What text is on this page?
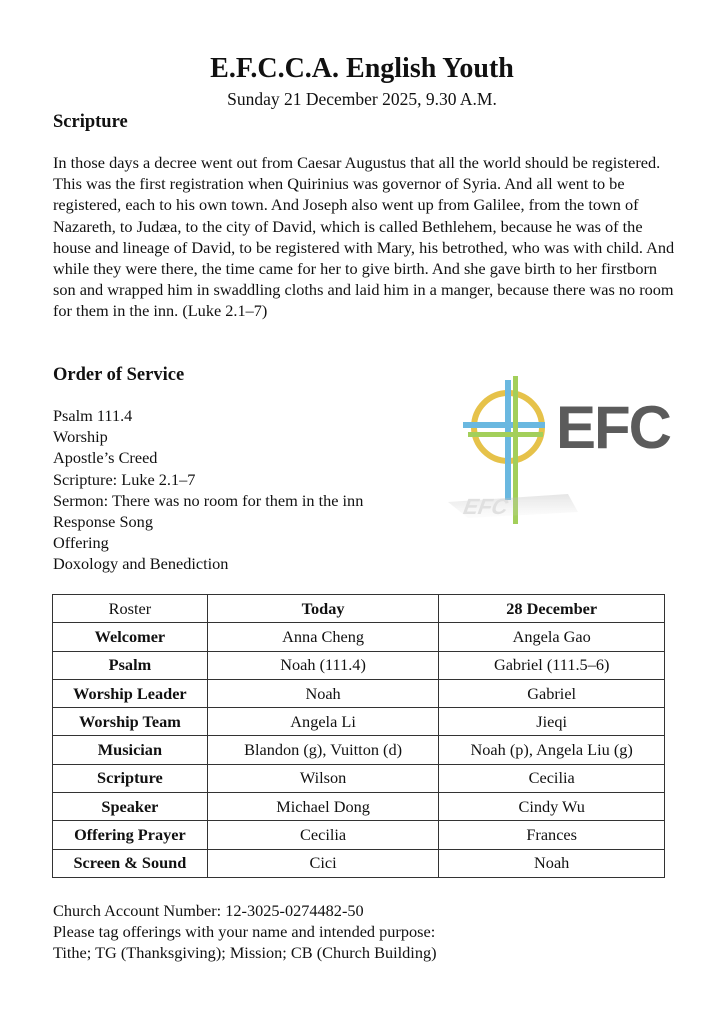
E.F.C.C.A. English Youth
Sunday 21 December 2025, 9.30 A.M.
Scripture

In those days a decree went out from Caesar Augustus that all the world should be registered. This was the first registration when Quirinius was governor of Syria. And all went to be registered, each to his own town. And Joseph also went up from Galilee, from the town of Nazareth, to Judæa, to the city of David, which is called Bethlehem, because he was of the house and lineage of David, to be registered with Mary, his betrothed, who was with child. And while they were there, the time came for her to give birth. And she gave birth to her firstborn son and wrapped him in swaddling cloths and laid him in a manger, because there was no room for them in the inn. (Luke 2.1–7)

Order of Service
Psalm 111.4
Worship
Apostle’s Creed
Scripture: Luke 2.1–7
Sermon: There was no room for them in the inn
Response Song
Offering
Doxology and Benediction
EFC
EFC
Roster	Today	28 December
Welcomer	Anna Cheng	Angela Gao
Psalm	Noah (111.4)	Gabriel (111.5–6)
Worship Leader	Noah	Gabriel
Worship Team	Angela Li	Jieqi
Musician	Blandon (g), Vuitton (d)	Noah (p), Angela Liu (g)
Scripture	Wilson	Cecilia
Speaker	Michael Dong	Cindy Wu
Offering Prayer	Cecilia	Frances
Screen & Sound	Cici	Noah
Church Account Number: 12-3025-0274482-50
Please tag offerings with your name and intended purpose:
Tithe; TG (Thanksgiving); Mission; CB (Church Building)
